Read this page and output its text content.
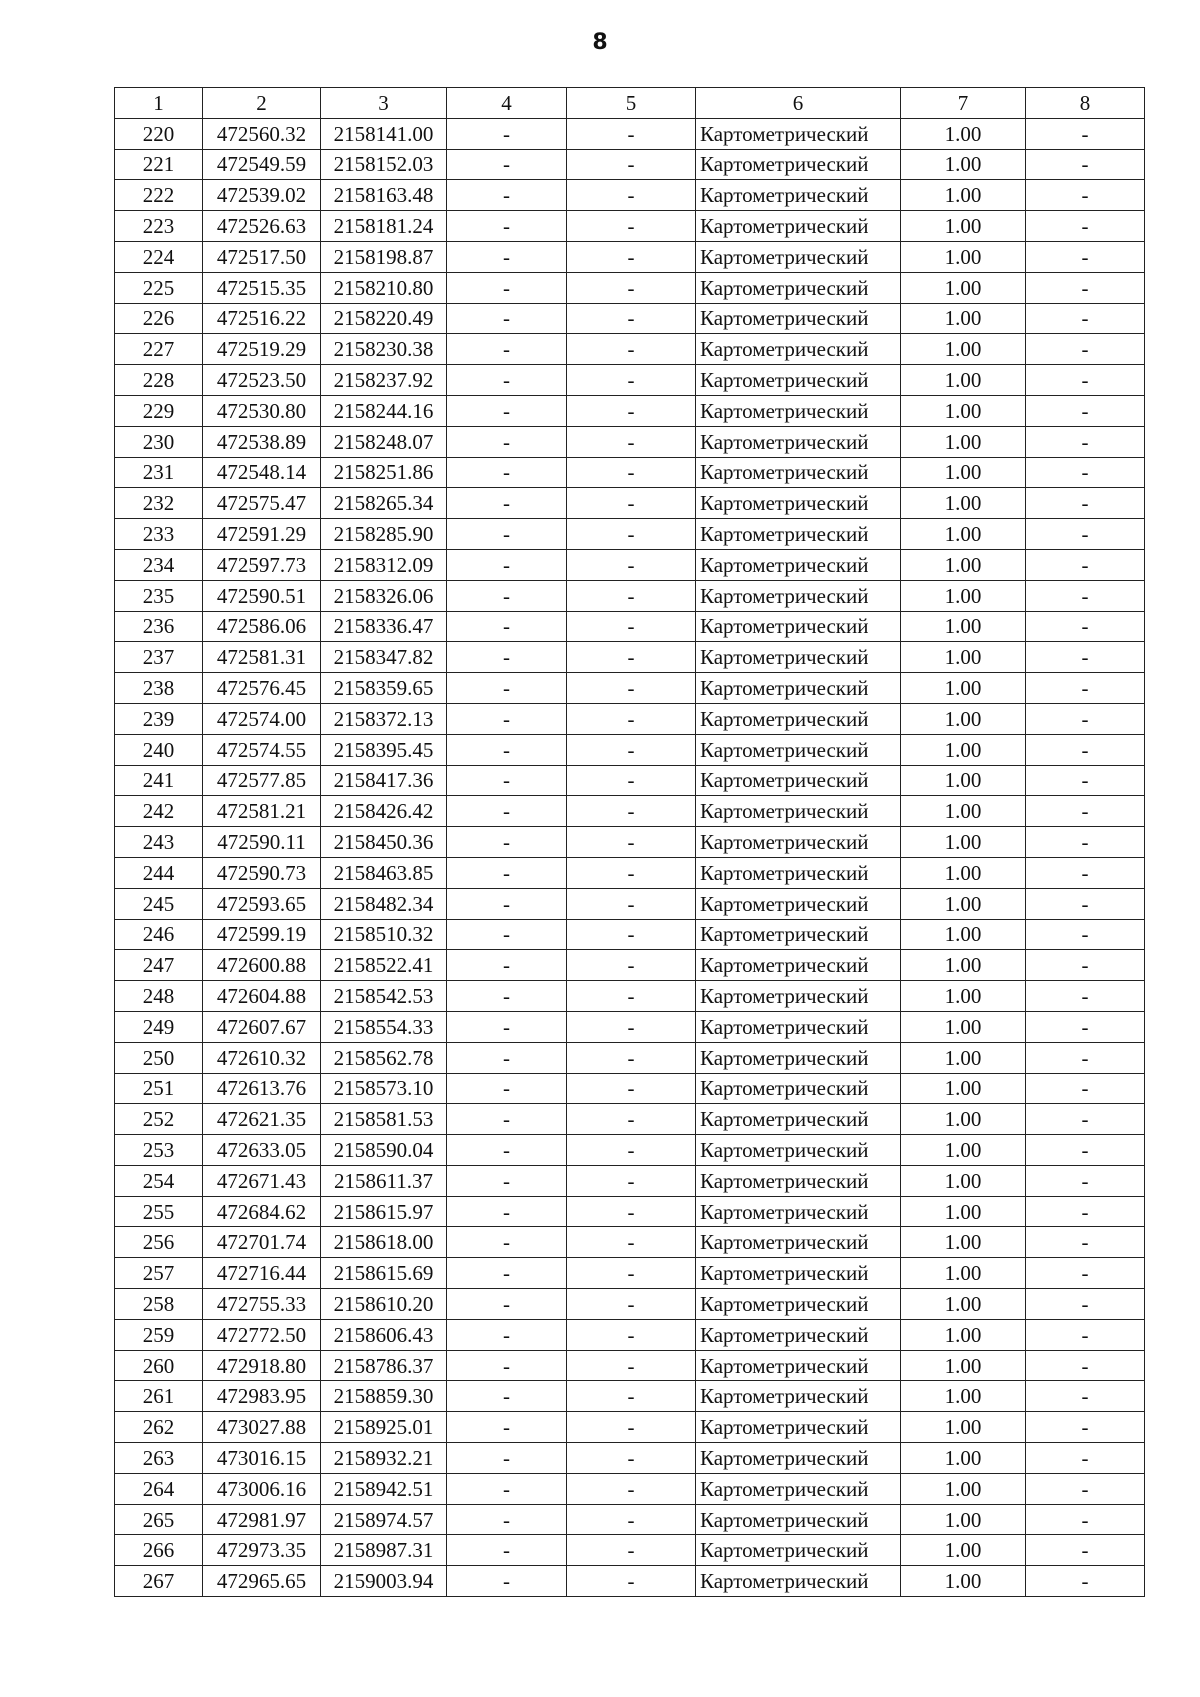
8
1	2	3	4	5	6	7	8
220	472560.32	2158141.00	-	-	Картометрический	1.00	-
221	472549.59	2158152.03	-	-	Картометрический	1.00	-
222	472539.02	2158163.48	-	-	Картометрический	1.00	-
223	472526.63	2158181.24	-	-	Картометрический	1.00	-
224	472517.50	2158198.87	-	-	Картометрический	1.00	-
225	472515.35	2158210.80	-	-	Картометрический	1.00	-
226	472516.22	2158220.49	-	-	Картометрический	1.00	-
227	472519.29	2158230.38	-	-	Картометрический	1.00	-
228	472523.50	2158237.92	-	-	Картометрический	1.00	-
229	472530.80	2158244.16	-	-	Картометрический	1.00	-
230	472538.89	2158248.07	-	-	Картометрический	1.00	-
231	472548.14	2158251.86	-	-	Картометрический	1.00	-
232	472575.47	2158265.34	-	-	Картометрический	1.00	-
233	472591.29	2158285.90	-	-	Картометрический	1.00	-
234	472597.73	2158312.09	-	-	Картометрический	1.00	-
235	472590.51	2158326.06	-	-	Картометрический	1.00	-
236	472586.06	2158336.47	-	-	Картометрический	1.00	-
237	472581.31	2158347.82	-	-	Картометрический	1.00	-
238	472576.45	2158359.65	-	-	Картометрический	1.00	-
239	472574.00	2158372.13	-	-	Картометрический	1.00	-
240	472574.55	2158395.45	-	-	Картометрический	1.00	-
241	472577.85	2158417.36	-	-	Картометрический	1.00	-
242	472581.21	2158426.42	-	-	Картометрический	1.00	-
243	472590.11	2158450.36	-	-	Картометрический	1.00	-
244	472590.73	2158463.85	-	-	Картометрический	1.00	-
245	472593.65	2158482.34	-	-	Картометрический	1.00	-
246	472599.19	2158510.32	-	-	Картометрический	1.00	-
247	472600.88	2158522.41	-	-	Картометрический	1.00	-
248	472604.88	2158542.53	-	-	Картометрический	1.00	-
249	472607.67	2158554.33	-	-	Картометрический	1.00	-
250	472610.32	2158562.78	-	-	Картометрический	1.00	-
251	472613.76	2158573.10	-	-	Картометрический	1.00	-
252	472621.35	2158581.53	-	-	Картометрический	1.00	-
253	472633.05	2158590.04	-	-	Картометрический	1.00	-
254	472671.43	2158611.37	-	-	Картометрический	1.00	-
255	472684.62	2158615.97	-	-	Картометрический	1.00	-
256	472701.74	2158618.00	-	-	Картометрический	1.00	-
257	472716.44	2158615.69	-	-	Картометрический	1.00	-
258	472755.33	2158610.20	-	-	Картометрический	1.00	-
259	472772.50	2158606.43	-	-	Картометрический	1.00	-
260	472918.80	2158786.37	-	-	Картометрический	1.00	-
261	472983.95	2158859.30	-	-	Картометрический	1.00	-
262	473027.88	2158925.01	-	-	Картометрический	1.00	-
263	473016.15	2158932.21	-	-	Картометрический	1.00	-
264	473006.16	2158942.51	-	-	Картометрический	1.00	-
265	472981.97	2158974.57	-	-	Картометрический	1.00	-
266	472973.35	2158987.31	-	-	Картометрический	1.00	-
267	472965.65	2159003.94	-	-	Картометрический	1.00	-
